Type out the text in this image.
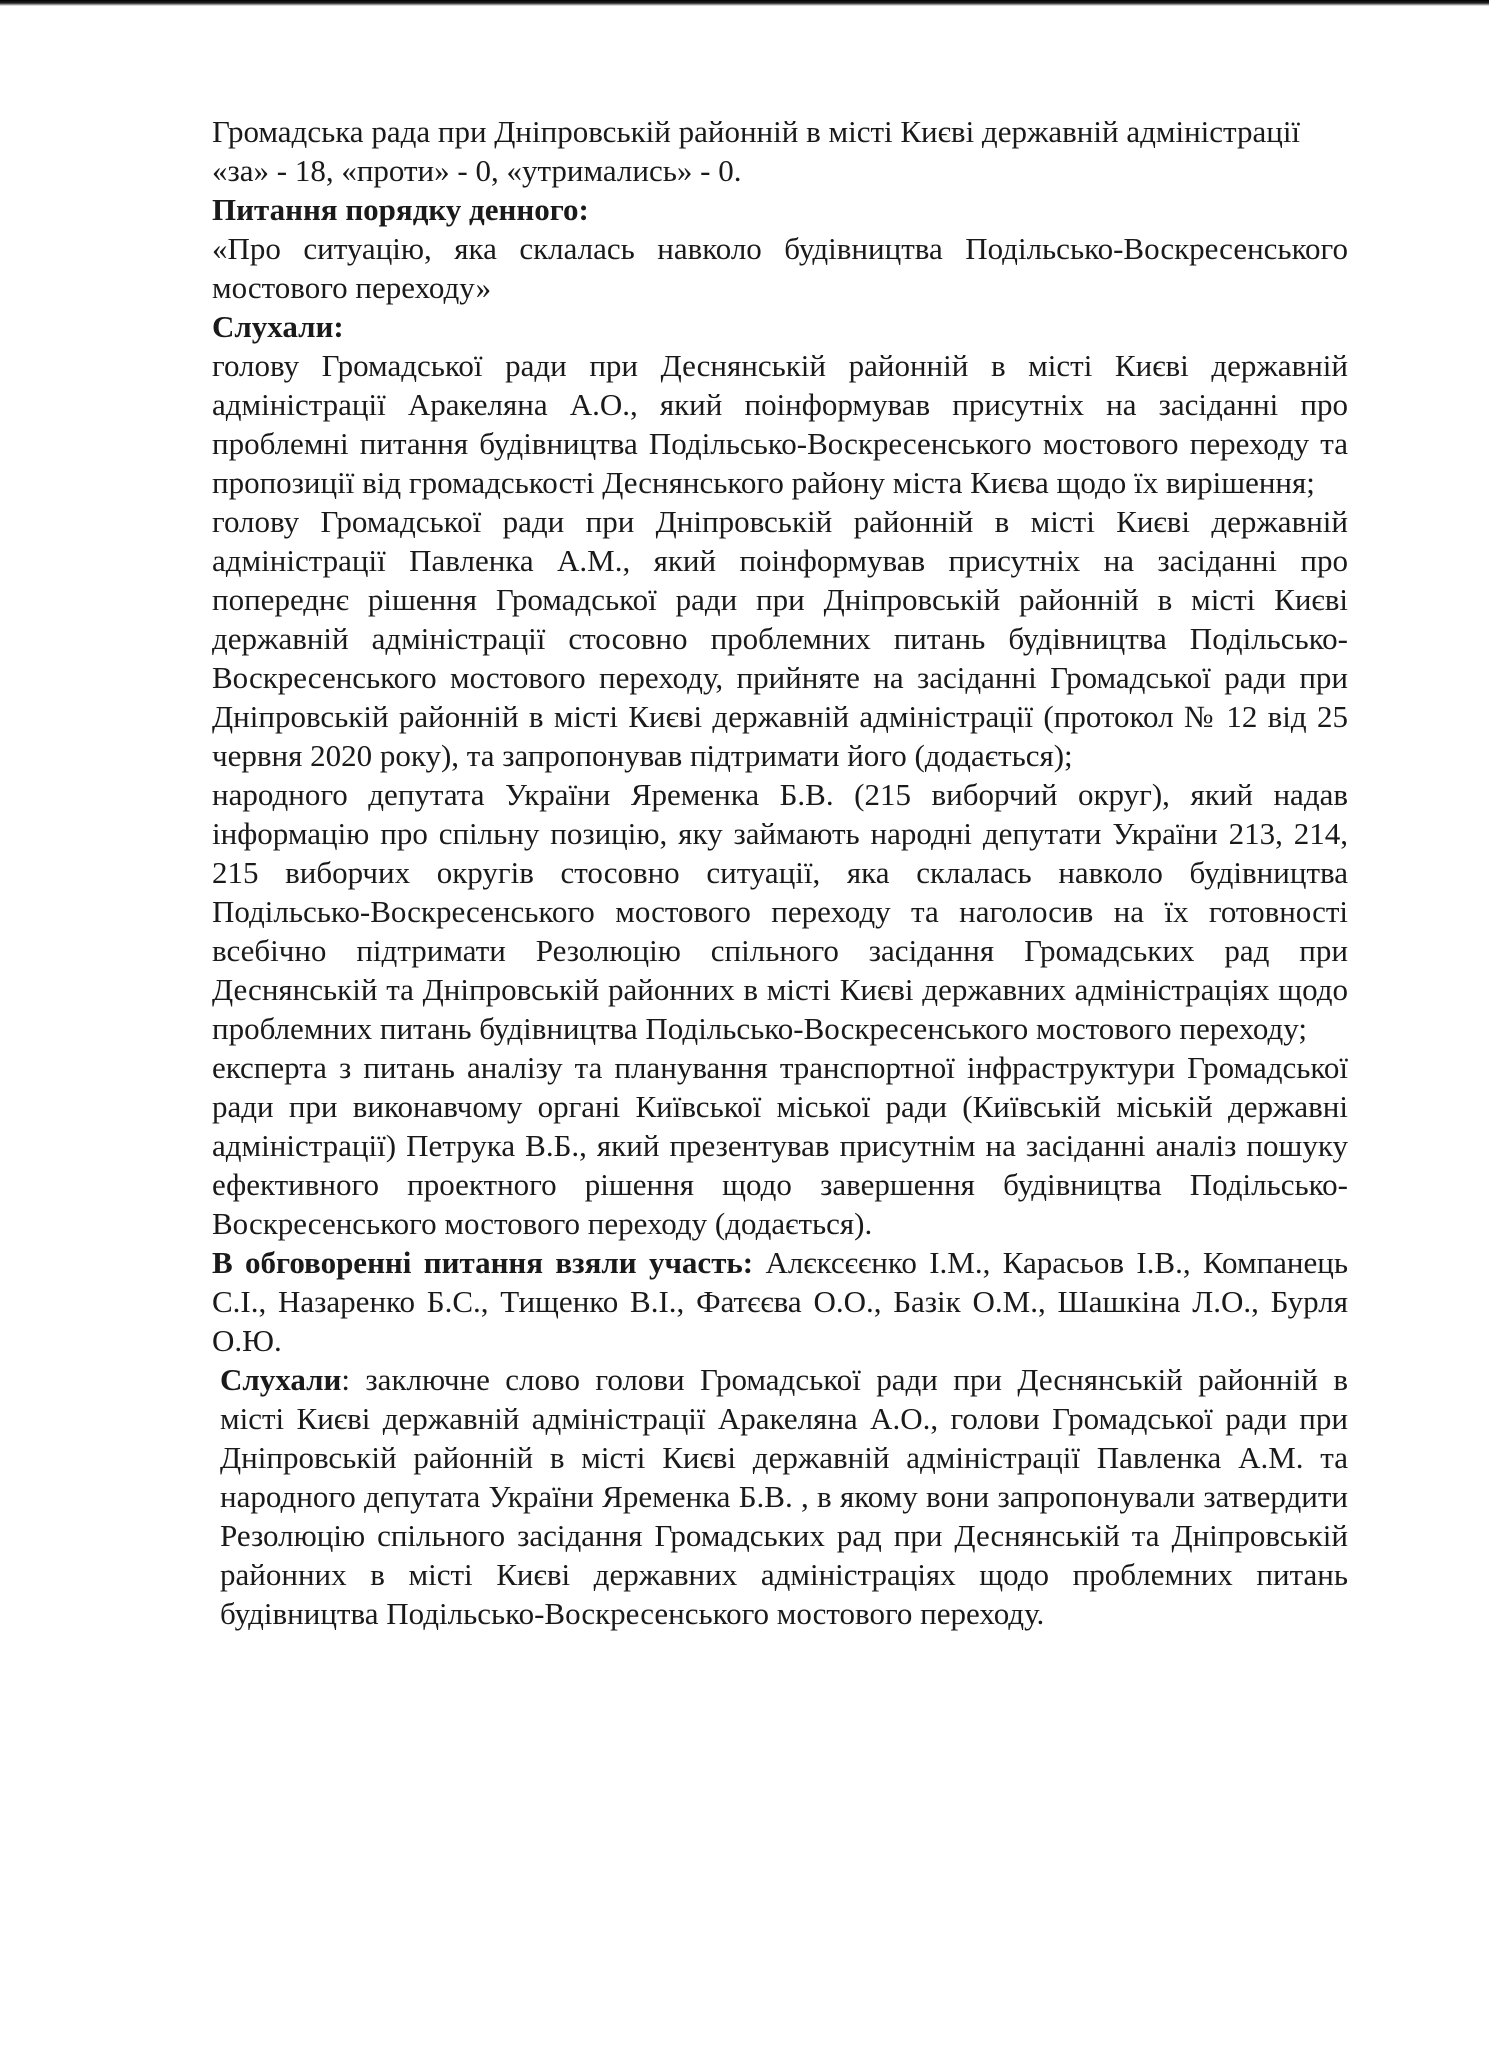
Громадська рада при Дніпровській районній в місті Києві державній адміністрації

«за» - 18, «проти» - 0, «утримались» - 0.

Питання порядку денного:

«Про ситуацію, яка склалась навколо будівництва Подільсько-Воскресенського мостового переходу»

Слухали:

голову Громадської ради при Деснянській районній в місті Києві державній адміністрації Аракеляна А.О., який поінформував присутніх на засіданні про проблемні питання будівництва Подільсько-Воскресенського мостового переходу та пропозиції від громадськості Деснянського району міста Києва щодо їх вирішення;

голову Громадської ради при Дніпровській районній в місті Києві державній адміністрації Павленка А.М., який поінформував присутніх на засіданні про попереднє рішення Громадської ради при Дніпровській районній в місті Києві державній адміністрації стосовно проблемних питань будівництва Подільсько-Воскресенського мостового переходу, прийняте на засіданні Громадської ради при Дніпровській районній в місті Києві державній адміністрації (протокол № 12 від 25 червня 2020 року), та запропонував підтримати його (додається);

народного депутата України Яременка Б.В. (215 виборчий округ), який надав інформацію про спільну позицію, яку займають народні депутати України 213, 214, 215 виборчих округів стосовно ситуації, яка склалась навколо будівництва Подільсько-Воскресенського мостового переходу та наголосив на їх готовності всебічно підтримати Резолюцію спільного засідання Громадських рад при Деснянській та Дніпровській районних в місті Києві державних адміністраціях щодо проблемних питань будівництва Подільсько-Воскресенського мостового переходу;

експерта з питань аналізу та планування транспортної інфраструктури Громадської ради при виконавчому органі Київської міської ради (Київській міській державні адміністрації) Петрука В.Б., який презентував присутнім на засіданні аналіз пошуку ефективного проектного рішення щодо завершення будівництва Подільсько-Воскресенського мостового переходу (додається).

В обговоренні питання взяли участь: Алєксєєнко І.М., Карасьов І.В., Компанець С.І., Назаренко Б.С., Тищенко В.І., Фатєєва О.О., Базік О.М., Шашкіна Л.О., Бурля О.Ю.

Слухали: заключне слово голови Громадської ради при Деснянській районній в місті Києві державній адміністрації Аракеляна А.О., голови Громадської ради при Дніпровській районній в місті Києві державній адміністрації Павленка А.М. та народного депутата України Яременка Б.В. , в якому вони запропонували затвердити Резолюцію спільного засідання Громадських рад при Деснянській та Дніпровській районних в місті Києві державних адміністраціях щодо проблемних питань будівництва Подільсько-Воскресенського мостового переходу.
